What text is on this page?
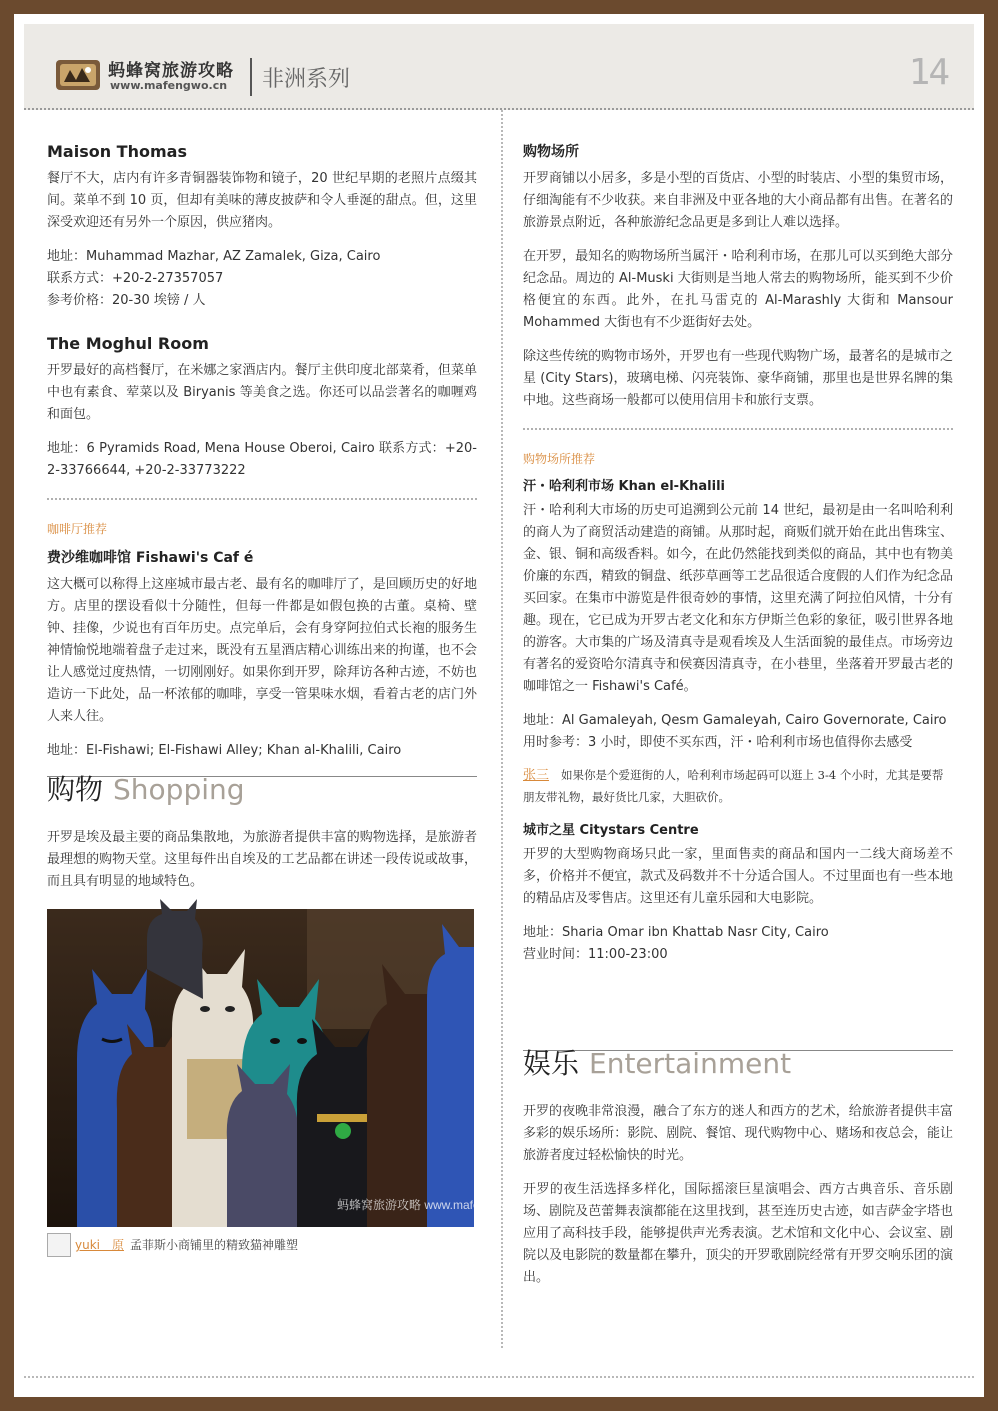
蚂蜂窝旅游攻略
www.mafengwo.cn 非洲系列	14
Maison Thomas

餐厅不大，店内有许多青铜器装饰物和镜子，20 世纪早期的老照片点缀其间。菜单不到 10 页，但却有美味的薄皮披萨和令人垂涎的甜点。但，这里深受欢迎还有另外一个原因，供应猪肉。

地址：Muhammad Mazhar, AZ Zamalek, Giza, Cairo

联系方式：+20-2-27357057

参考价格：20-30 埃镑 / 人

The Moghul Room

开罗最好的高档餐厅，在米娜之家酒店内。餐厅主供印度北部菜肴，但菜单中也有素食、荤菜以及 Biryanis 等美食之选。你还可以品尝著名的咖喱鸡和面包。

地址：6 Pyramids Road, Mena House Oberoi, Cairo 联系方式：+20-2-33766644, +20-2-33773222

咖啡厅推荐
费沙维咖啡馆 Fishawi's Caf é

这大概可以称得上这座城市最古老、最有名的咖啡厅了，是回顾历史的好地方。店里的摆设看似十分随性，但每一件都是如假包换的古董。桌椅、壁钟、挂像，少说也有百年历史。点完单后，会有身穿阿拉伯式长袍的服务生神情愉悦地端着盘子走过来，既没有五星酒店精心训练出来的拘谨，也不会让人感觉过度热情，一切刚刚好。如果你到开罗，除拜访各种古迹，不妨也造访一下此处，品一杯浓郁的咖啡，享受一管果味水烟，看着古老的店门外人来人往。

地址：El-Fishawi; El-Fishawi Alley; Khan al-Khalili, Cairo

购物 Shopping

开罗是埃及最主要的商品集散地，为旅游者提供丰富的购物选择，是旅游者最理想的购物天堂。这里每件出自埃及的工艺品都在讲述一段传说或故事，而且具有明显的地域特色。

蚂蜂窝旅游攻略 www.mafengwo.cn
yuki＿原 孟菲斯小商铺里的精致猫神雕塑
购物场所

开罗商铺以小居多，多是小型的百货店、小型的时装店、小型的集贸市场，仔细淘能有不少收获。来自非洲及中亚各地的大小商品都有出售。在著名的旅游景点附近，各种旅游纪念品更是多到让人难以选择。

在开罗，最知名的购物场所当属汗・哈利利市场，在那儿可以买到绝大部分纪念品。周边的 Al-Muski 大街则是当地人常去的购物场所，能买到不少价格便宜的东西。此外，在扎马雷克的 Al-Marashly 大街和 Mansour Mohammed 大街也有不少逛街好去处。

除这些传统的购物市场外，开罗也有一些现代购物广场，最著名的是城市之星 (City Stars)，玻璃电梯、闪亮装饰、豪华商铺，那里也是世界名牌的集中地。这些商场一般都可以使用信用卡和旅行支票。

购物场所推荐
汗・哈利利市场 Khan el-Khalili

汗・哈利利大市场的历史可追溯到公元前 14 世纪，最初是由一名叫哈利利的商人为了商贸活动建造的商铺。从那时起，商贩们就开始在此出售珠宝、金、银、铜和高级香料。如今，在此仍然能找到类似的商品，其中也有物美价廉的东西，精致的铜盘、纸莎草画等工艺品很适合度假的人们作为纪念品买回家。在集市中游览是件很奇妙的事情，这里充满了阿拉伯风情，十分有趣。现在，它已成为开罗古老文化和东方伊斯兰色彩的象征，吸引世界各地的游客。大市集的广场及清真寺是观看埃及人生活面貌的最佳点。市场旁边有著名的爱资哈尔清真寺和侯赛因清真寺，在小巷里，坐落着开罗最古老的咖啡馆之一 Fishawi's Café。

地址：Al Gamaleyah, Qesm Gamaleyah, Cairo Governorate, Cairo

用时参考：3 小时，即使不买东西，汗・哈利利市场也值得你去感受

张三 如果你是个爱逛街的人，哈利利市场起码可以逛上 3-4 个小时，尤其是要帮朋友带礼物，最好货比几家，大胆砍价。
城市之星 Citystars Centre

开罗的大型购物商场只此一家，里面售卖的商品和国内一二线大商场差不多，价格并不便宜，款式及码数并不十分适合国人。不过里面也有一些本地的精品店及零售店。这里还有儿童乐园和大电影院。

地址：Sharia Omar ibn Khattab Nasr City, Cairo

营业时间：11:00-23:00

娱乐 Entertainment

开罗的夜晚非常浪漫，融合了东方的迷人和西方的艺术，给旅游者提供丰富多彩的娱乐场所：影院、剧院、餐馆、现代购物中心、赌场和夜总会，能让旅游者度过轻松愉快的时光。

开罗的夜生活选择多样化，国际摇滚巨星演唱会、西方古典音乐、音乐剧场、剧院及芭蕾舞表演都能在这里找到，甚至连历史古迹，如吉萨金字塔也应用了高科技手段，能够提供声光秀表演。艺术馆和文化中心、会议室、剧院以及电影院的数量都在攀升，顶尖的开罗歌剧院经常有开罗交响乐团的演出。
